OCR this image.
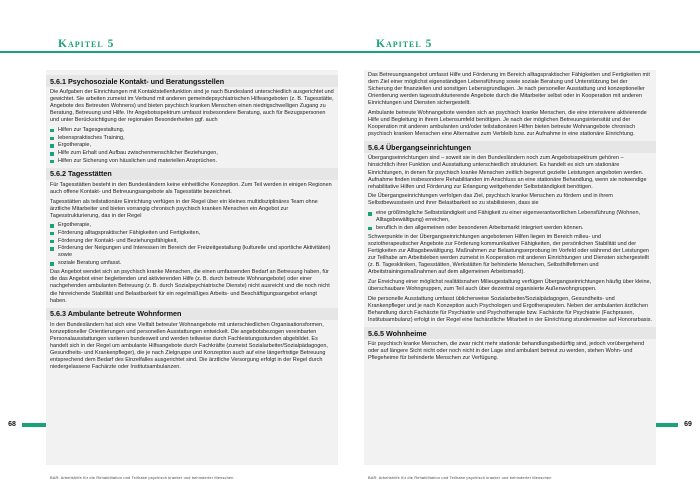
Kapitel 5
5.6.1 Psychosoziale Kontakt- und Beratungsstellen

Die Aufgaben der Einrichtungen mit Kontaktstellenfunktion sind je nach Bundesland unterschiedlich ausgerichtet und gewichtet. Sie arbeiten zumeist im Verbund mit anderen gemeindepsychiatrischen Hilfeangeboten (z. B. Tagesstätte, Angebote des Betreuten Wohnens) und bieten psychisch kranken Menschen einen niedrigschwelligen Zugang zu Beratung, Betreuung und Hilfe. Ihr Angebotsspektrum umfasst insbesondere Beratung, auch für Bezugspersonen und unter Berücksichtigung der regionalen Besonderheiten ggf. auch

Hilfen zur Tagesgestaltung,
lebenspraktisches Training,
Ergotherapie,
Hilfe zum Erhalt und Aufbau zwischenmenschlicher Beziehungen,
Hilfen zur Sicherung von häuslichen und materiellen Ansprüchen.
5.6.2 Tagesstätten

Für Tagesstätten besteht in den Bundesländern keine einheitliche Konzeption. Zum Teil werden in einigen Regionen auch offene Kontakt- und Betreuungsangebote als Tagesstätte bezeichnet.

Tagesstätten als teilstationäre Einrichtung verfügen in der Regel über ein kleines multidisziplinäres Team ohne ärztliche Mitarbeiter und bieten vorrangig chronisch psychisch kranken Menschen ein Angebot zur Tagesstrukturierung, das in der Regel

Ergotherapie,
Förderung alltagspraktischer Fähigkeiten und Fertigkeiten,
Förderung der Kontakt- und Beziehungsfähigkeit,
Förderung der Neigungen und Interessen im Bereich der Freizeitgestaltung (kulturelle und sportliche Aktivitäten) sowie
soziale Beratung umfasst.

Das Angebot wendet sich an psychisch kranke Menschen, die einen umfassenden Bedarf an Betreuung haben, für die das Angebot einer begleitenden und aktivierenden Hilfe (z. B. durch betreute Wohnangebote) oder einer nachgehenden ambulanten Betreuung (z. B. durch Sozialpsychiatrische Dienste) nicht ausreicht und die noch nicht die hinreichende Stabilität und Belastbarkeit für ein regelmäßiges Arbeits- und Beschäftigungsangebot erlangt haben.

5.6.3 Ambulante betreute Wohnformen

In den Bundesländern hat sich eine Vielfalt betreuter Wohnangebote mit unterschiedlichen Organisationsformen, konzeptioneller Orientierungen und personellen Ausstattungen entwickelt. Die angebotsbezogen vereinbarten Personalausstattungen variieren bundesweit und werden teilweise durch Fachleistungsstunden abgebildet. Es handelt sich in der Regel um ambulante Hilfsangebote durch Fachkräfte (zumeist Sozialarbeiter/Sozialpädagogen, Gesundheits- und Krankenpfleger), die je nach Zielgruppe und Konzeption auch auf eine längerfristige Betreuung entsprechend dem Bedarf des Einzelfalles ausgerichtet sind. Die ärztliche Versorgung erfolgt in der Regel durch niedergelassene Fachärzte oder Institutsambulanzen.

68
BAR: Arbeitshilfe für die Rehabilitation und Teilhabe psychisch kranker und behinderter Menschen
Kapitel 5

Das Betreuungsangebot umfasst Hilfe und Förderung im Bereich alltagspraktischer Fähigkeiten und Fertigkeiten mit dem Ziel einer möglichst eigenständigen Lebensführung sowie soziale Beratung und Unterstützung bei der Sicherung der finanziellen und sonstigen Lebensgrundlagen. Je nach personeller Ausstattung und konzeptioneller Orientierung werden tagesstrukturierende Angebote durch die Mitarbeiter selbst oder in Kooperation mit anderen Einrichtungen und Diensten sichergestellt.

Ambulante betreute Wohnangebote wenden sich an psychisch kranke Menschen, die eine intensivere aktivierende Hilfe und Begleitung in ihrem Lebensumfeld benötigen. Je nach der möglichen Betreuungsintensität und der Kooperation mit anderen ambulanten und/oder teilstationären Hilfen bieten betreute Wohnangebote chronisch psychisch kranken Menschen eine Alternative zum Verbleib bzw. zur Aufnahme in eine stationäre Einrichtung.

5.6.4 Übergangseinrichtungen

Übergangseinrichtungen sind – soweit sie in den Bundesländern noch zum Angebotsspektrum gehören – hinsichtlich ihrer Funktion und Ausstattung unterschiedlich strukturiert. Es handelt es sich um stationäre Einrichtungen, in denen für psychisch kranke Menschen zeitlich begrenzt gezielte Leistungen angeboten werden. Aufnahme finden insbesondere Rehabilitanden im Anschluss an eine stationäre Behandlung, wenn sie notwendige rehabilitative Hilfen und Förderung zur Erlangung weitgehender Selbstständigkeit benötigen.

Die Übergangseinrichtungen verfolgen das Ziel, psychisch kranke Menschen zu fördern und in ihrem Selbstbewusstsein und ihrer Belastbarkeit so zu stabilisieren, dass sie

eine größtmögliche Selbstständigkeit und Fähigkeit zu einer eigenverantwortlichen Lebensführung (Wohnen, Alltagsbewältigung) erreichen,
beruflich in den allgemeinen oder besonderen Arbeitsmarkt integriert werden können.

Schwerpunkte in der Übergangseinrichtungen angebotenen Hilfen liegen im Bereich milieu- und soziotherapeutischer Angebote zur Förderung kommunikativer Fähigkeiten, der persönlichen Stabilität und der Fertigkeiten zur Alltagsbewältigung. Maßnahmen zur Belastungserprobung im Vorfeld oder während der Leistungen zur Teilhabe am Arbeitsleben werden zumeist in Kooperation mit anderen Einrichtungen und Diensten sichergestellt (z. B. Tageskliniken, Tagesstätten, Werkstätten für behinderte Menschen, Selbsthilfefirmen und Arbeitstrainingsmaßnahmen auf dem allgemeinen Arbeitsmarkt).

Zur Erreichung einer möglichst realitätsnahen Milieugestaltung verfügen Übergangseinrichtungen häufig über kleine, überschaubare Wohngruppen, zum Teil auch über dezentral organisierte Außenwohngruppen.

Die personelle Ausstattung umfasst üblicherweise Sozialarbeiter/Sozialpädagogen, Gesundheits- und Krankenpfleger und je nach Konzeption auch Psychologen und Ergotherapeuten. Neben der ambulanten ärztlichen Behandlung durch Fachärzte für Psychiatrie und Psychotherapie bzw. Fachärzte für Psychiatrie (Fachpraxen, Institutsambulanz) erfolgt in der Regel eine fachärztliche Mitarbeit in der Einrichtung stundenweise auf Honorarbasis.

5.6.5 Wohnheime

Für psychisch kranke Menschen, die zwar nicht mehr stationär behandlungsbedürftig sind, jedoch vorübergehend oder auf längere Sicht nicht oder noch nicht in der Lage sind ambulant betreut zu werden, stehen Wohn- und Pflegeheime für behinderte Menschen zur Verfügung.

69
BAR: Arbeitshilfe für die Rehabilitation und Teilhabe psychisch kranker und behinderter Menschen
